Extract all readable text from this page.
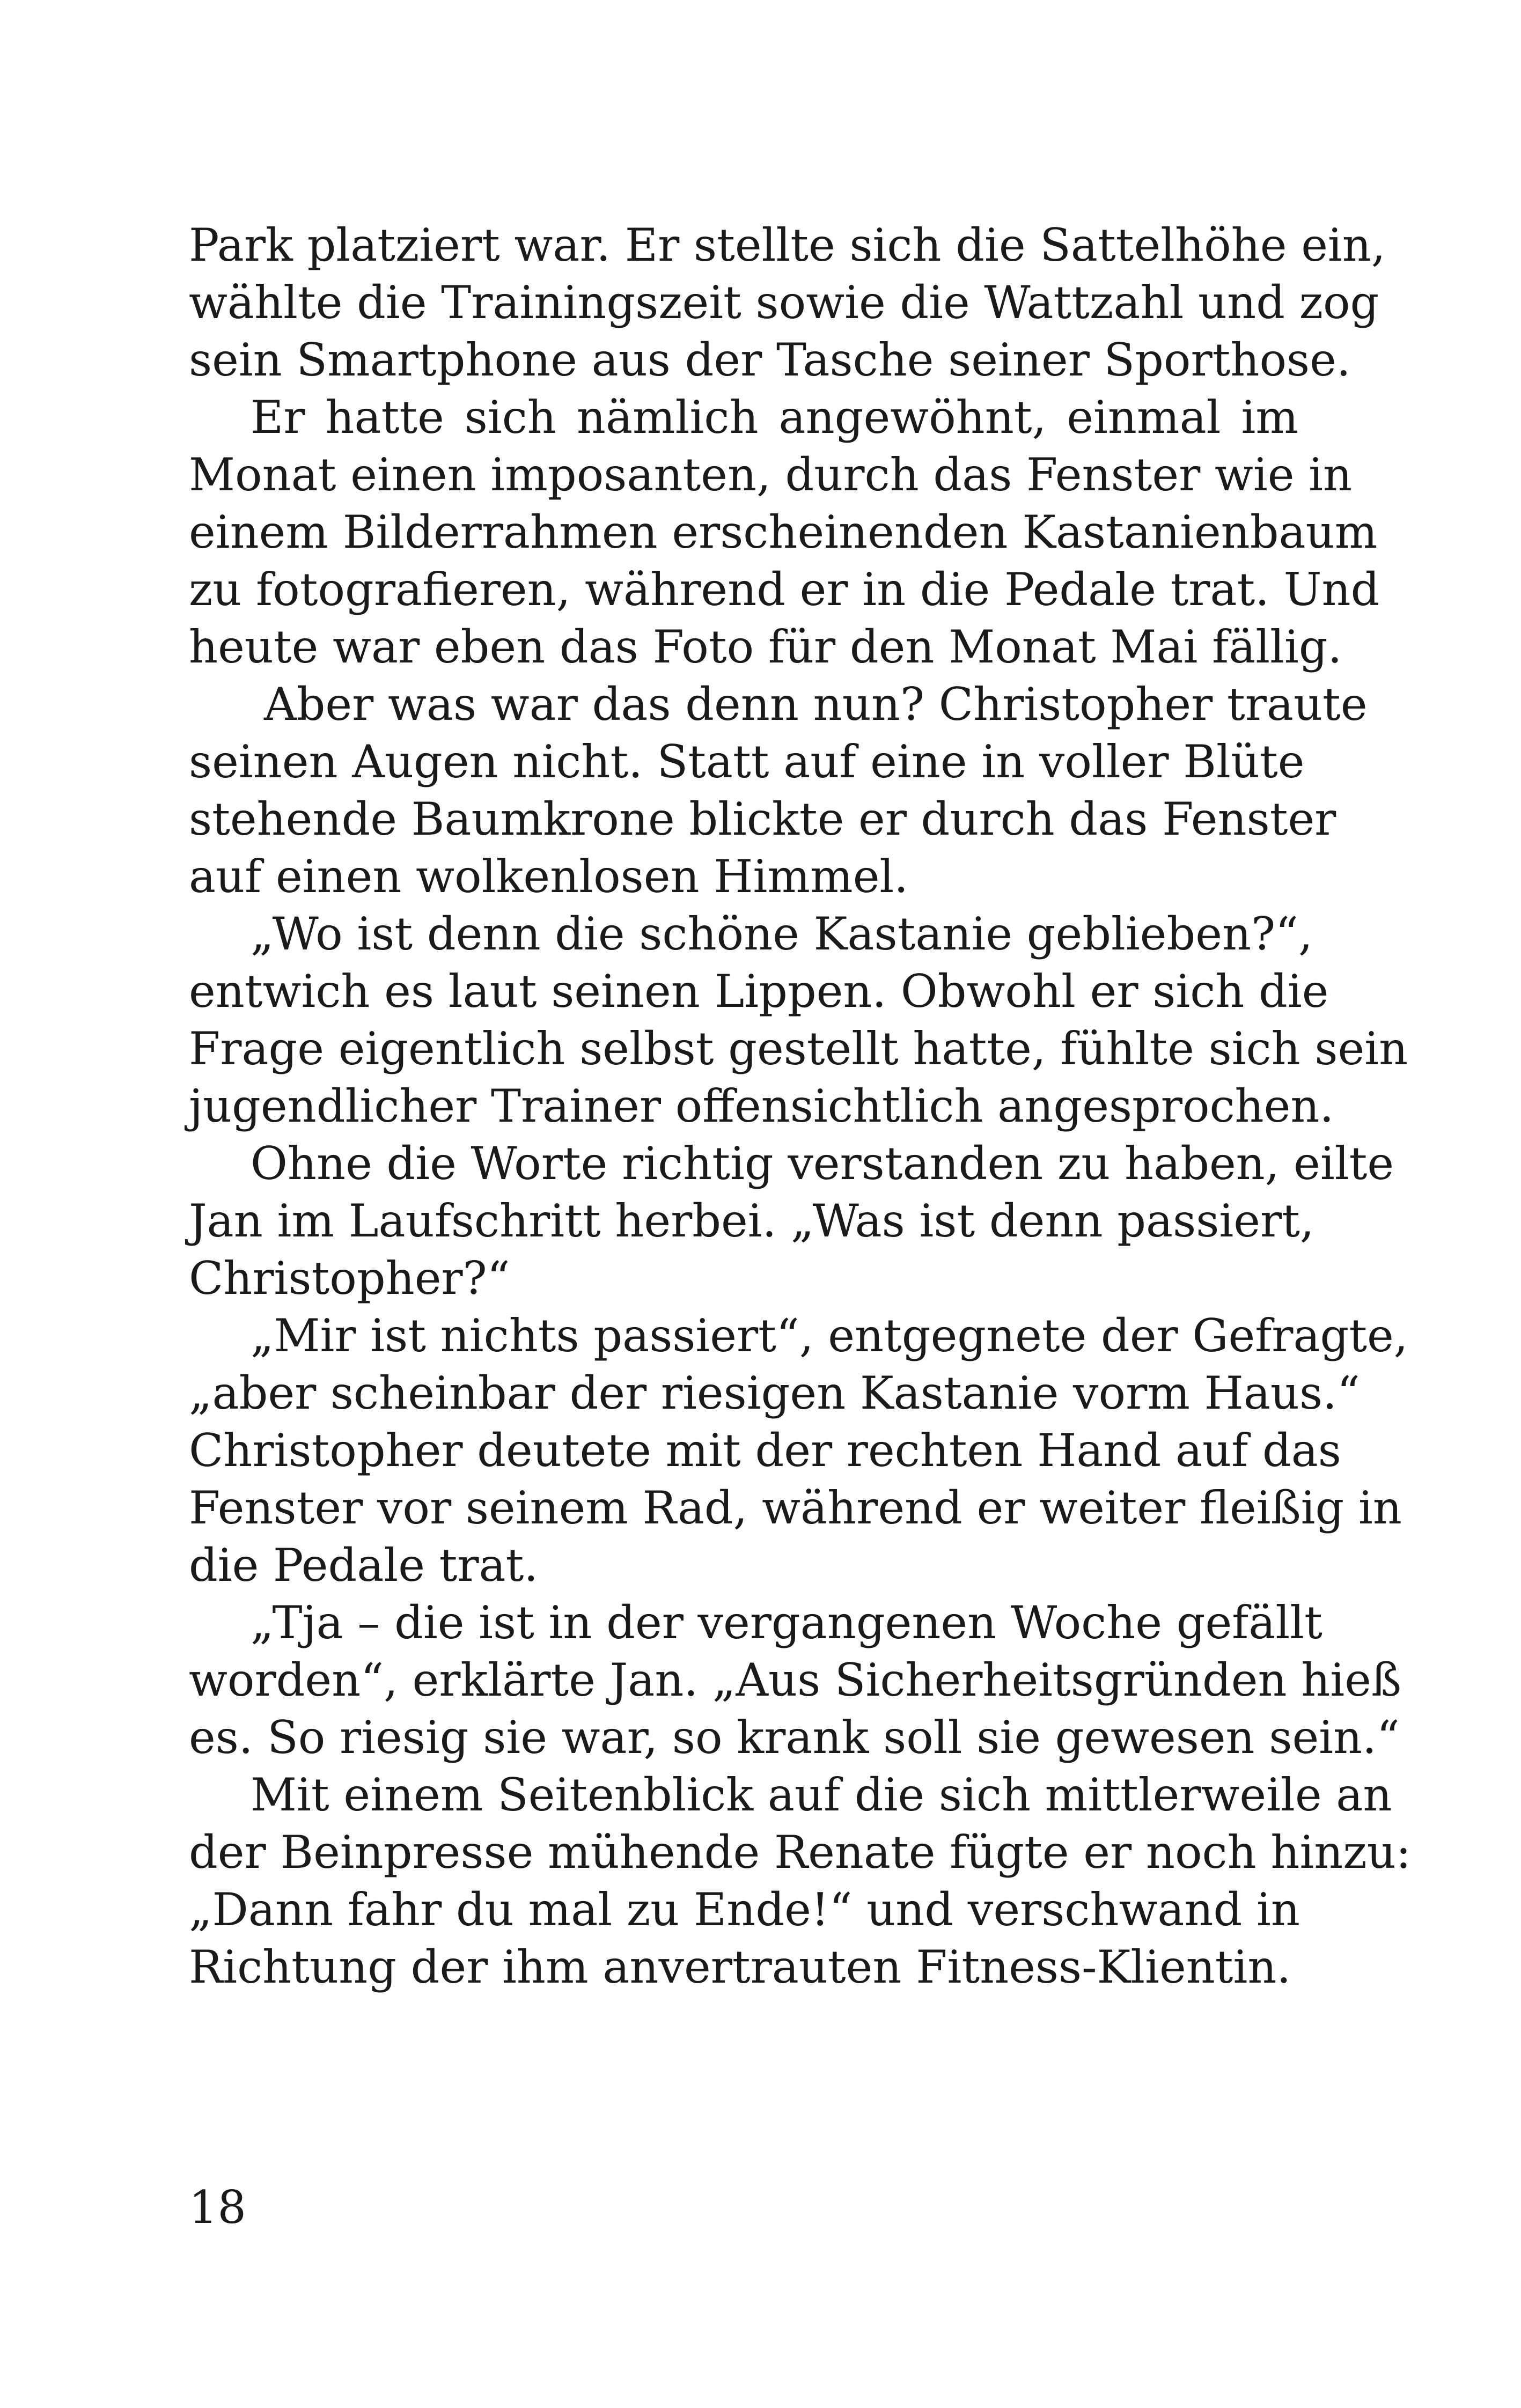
Park platziert war. Er stellte sich die Sattelhöhe ein,
wählte die Trainingszeit sowie die Wattzahl und zog
sein Smartphone aus der Tasche seiner Sporthose.
Er hatte sich nämlich angewöhnt, einmal im
Monat einen imposanten, durch das Fenster wie in
einem Bilderrahmen erscheinenden Kastanienbaum
zu fotografieren, während er in die Pedale trat. Und
heute war eben das Foto für den Monat Mai fällig.
Aber was war das denn nun? Christopher traute
seinen Augen nicht. Statt auf eine in voller Blüte
stehende Baumkrone blickte er durch das Fenster
auf einen wolkenlosen Himmel.
„Wo ist denn die schöne Kastanie geblieben?“,
entwich es laut seinen Lippen. Obwohl er sich die
Frage eigentlich selbst gestellt hatte, fühlte sich sein
jugendlicher Trainer offensichtlich angesprochen.
Ohne die Worte richtig verstanden zu haben, eilte
Jan im Laufschritt herbei. „Was ist denn passiert,
Christopher?“
„Mir ist nichts passiert“, entgegnete der Gefragte,
„aber scheinbar der riesigen Kastanie vorm Haus.“
Christopher deutete mit der rechten Hand auf das
Fenster vor seinem Rad, während er weiter fleißig in
die Pedale trat.
„Tja – die ist in der vergangenen Woche gefällt
worden“, erklärte Jan. „Aus Sicherheitsgründen hieß
es. So riesig sie war, so krank soll sie gewesen sein.“
Mit einem Seitenblick auf die sich mittlerweile an
der Beinpresse mühende Renate fügte er noch hinzu:
„Dann fahr du mal zu Ende!“ und verschwand in
Richtung der ihm anvertrauten Fitness-Klientin.
18
